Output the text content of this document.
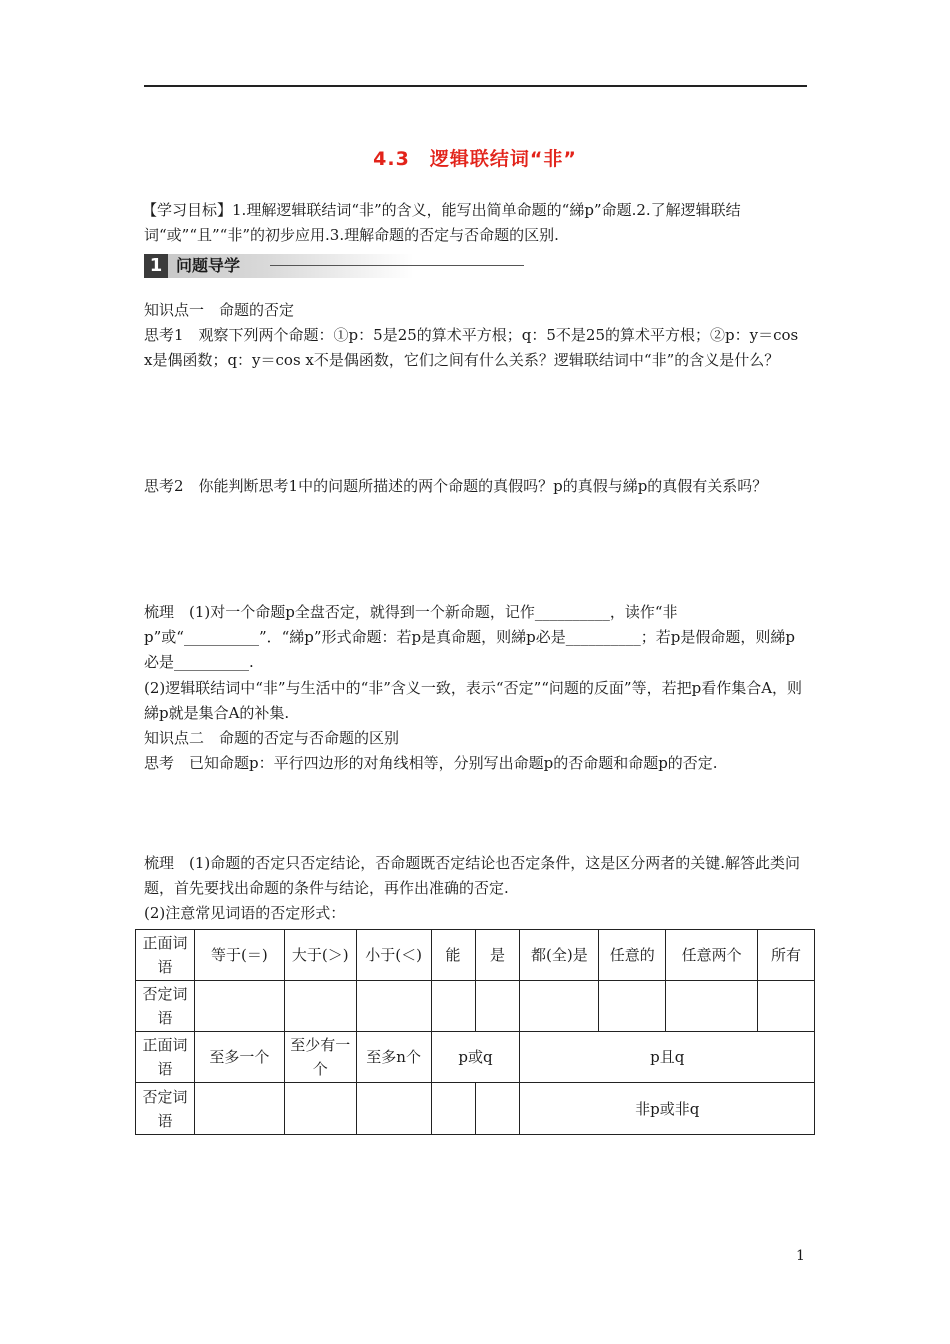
4.3　逻辑联结词“非”
【学习目标】1.理解逻辑联结词“非”的含义，能写出简单命题的“綈p”命题.2.了解逻辑联结词“或”“且”“非”的初步应用.3.理解命题的否定与否命题的区别.
1 问题导学
知识点一　命题的否定
思考1　观察下列两个命题：①p：5是25的算术平方根；q：5不是25的算术平方根；②p：y＝cos x是偶函数；q：y＝cos x不是偶函数，它们之间有什么关系？逻辑联结词中“非”的含义是什么？
思考2　你能判断思考1中的问题所描述的两个命题的真假吗？p的真假与綈p的真假有关系吗？
梳理　(1)对一个命题p全盘否定，就得到一个新命题，记作__________，读作“非p”或“__________”．“綈p”形式命题：若p是真命题，则綈p必是__________；若p是假命题，则綈p必是__________.
(2)逻辑联结词中“非”与生活中的“非”含义一致，表示“否定”“问题的反面”等，若把p看作集合A，则綈p就是集合A的补集.
知识点二　命题的否定与否命题的区别
思考　已知命题p：平行四边形的对角线相等，分别写出命题p的否命题和命题p的否定.
梳理　(1)命题的否定只否定结论，否命题既否定结论也否定条件，这是区分两者的关键.解答此类问题，首先要找出命题的条件与结论，再作出准确的否定.
(2)注意常见词语的否定形式：
正面词语	等于(＝)	大于(＞)	小于(＜)	能	是	都(全)是	任意的	任意两个	所有
否定词语									
正面词语	至多一个	至少有一个	至多n个	p或q		p且q			
否定词语						非p或非q			
1
